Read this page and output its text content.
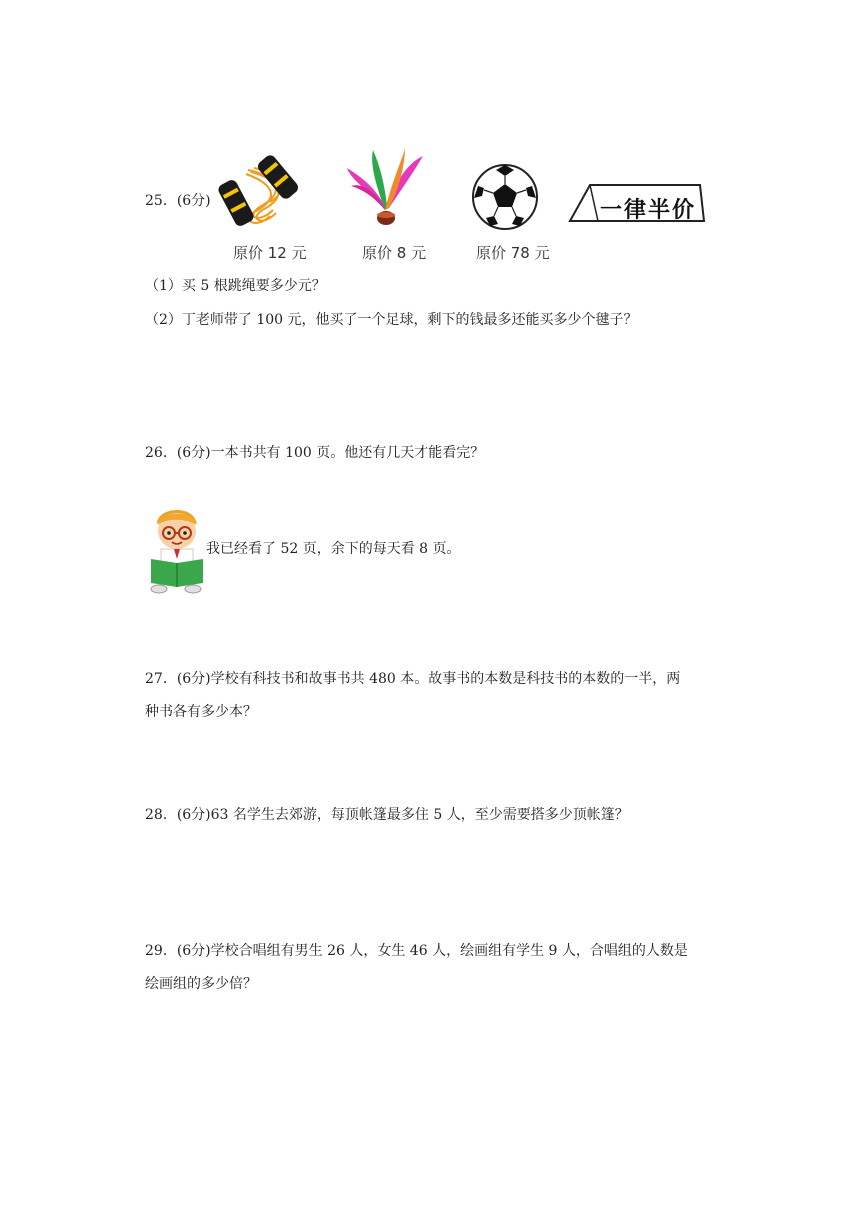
25．(6分)	一律半价
原价 12 元	原价 8 元	原价 78 元
（1）买 5 根跳绳要多少元？
（2）丁老师带了 100 元，他买了一个足球，剩下的钱最多还能买多少个毽子？
26．(6分)一本书共有 100 页。他还有几天才能看完？
我已经看了 52 页，余下的每天看 8 页。
27．(6分)学校有科技书和故事书共 480 本。故事书的本数是科技书的本数的一半，两
种书各有多少本？
28．(6分)63 名学生去郊游，每顶帐篷最多住 5 人，至少需要搭多少顶帐篷？
29．(6分)学校合唱组有男生 26 人，女生 46 人，绘画组有学生 9 人，合唱组的人数是
绘画组的多少倍？
